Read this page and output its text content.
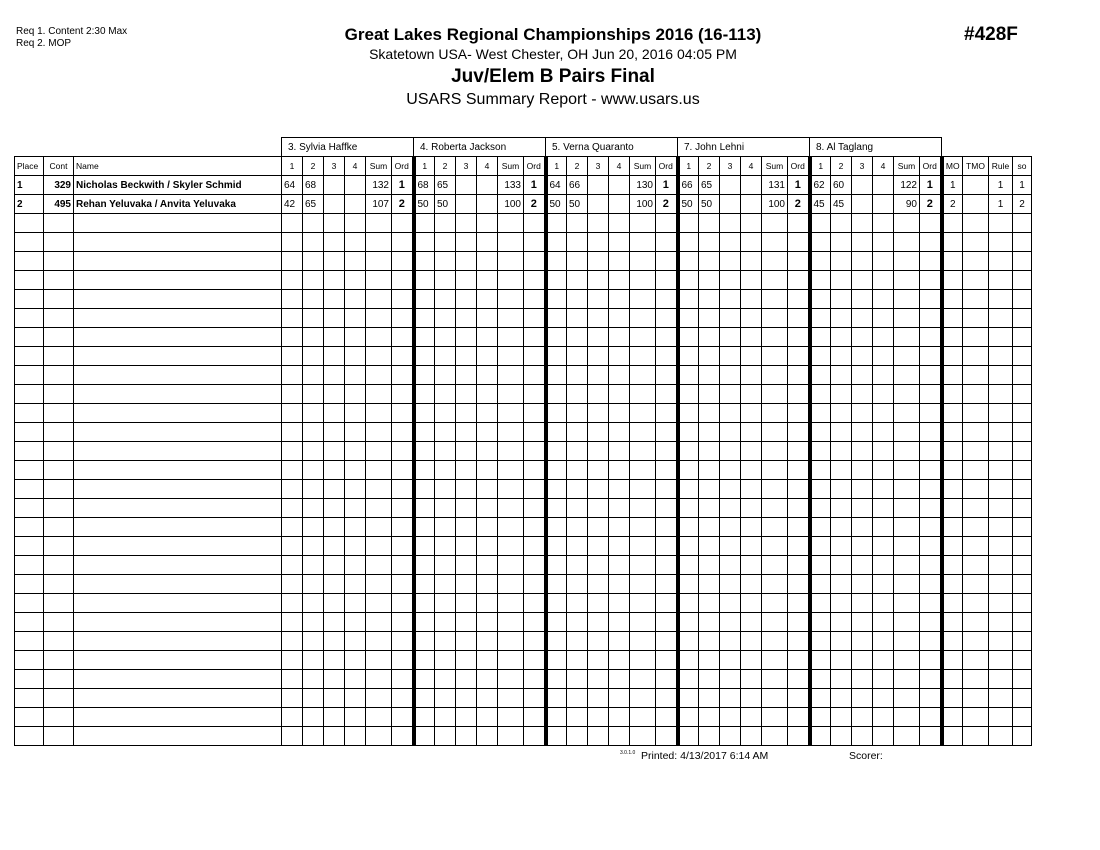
Req 1. Content 2:30 Max
Req 2. MOP	#428F
Great Lakes Regional Championships 2016 (16-113)
Skatetown USA- West Chester, OH Jun 20, 2016 04:05 PM
Juv/Elem B Pairs Final
USARS Summary Report - www.usars.us
			3. Sylvia Haffke						4. Roberta Jackson						5. Verna Quaranto						7. John Lehni						8. Al Taglang									
Place	Cont	Name	1	2	3	4	Sum	Ord	1	2	3	4	Sum	Ord	1	2	3	4	Sum	Ord	1	2	3	4	Sum	Ord	1	2	3	4	Sum	Ord	MO	TMO	Rule	so
1	329	Nicholas Beckwith / Skyler Schmid	64	68			132	1	68	65			133	1	64	66			130	1	66	65			131	1	62	60			122	1	1		1	1
2	495	Rehan Yeluvaka / Anvita Yeluvaka	42	65			107	2	50	50			100	2	50	50			100	2	50	50			100	2	45	45			90	2	2		1	2

3.0.1.0 Printed: 4/13/2017 6:14 AM	Scorer:
